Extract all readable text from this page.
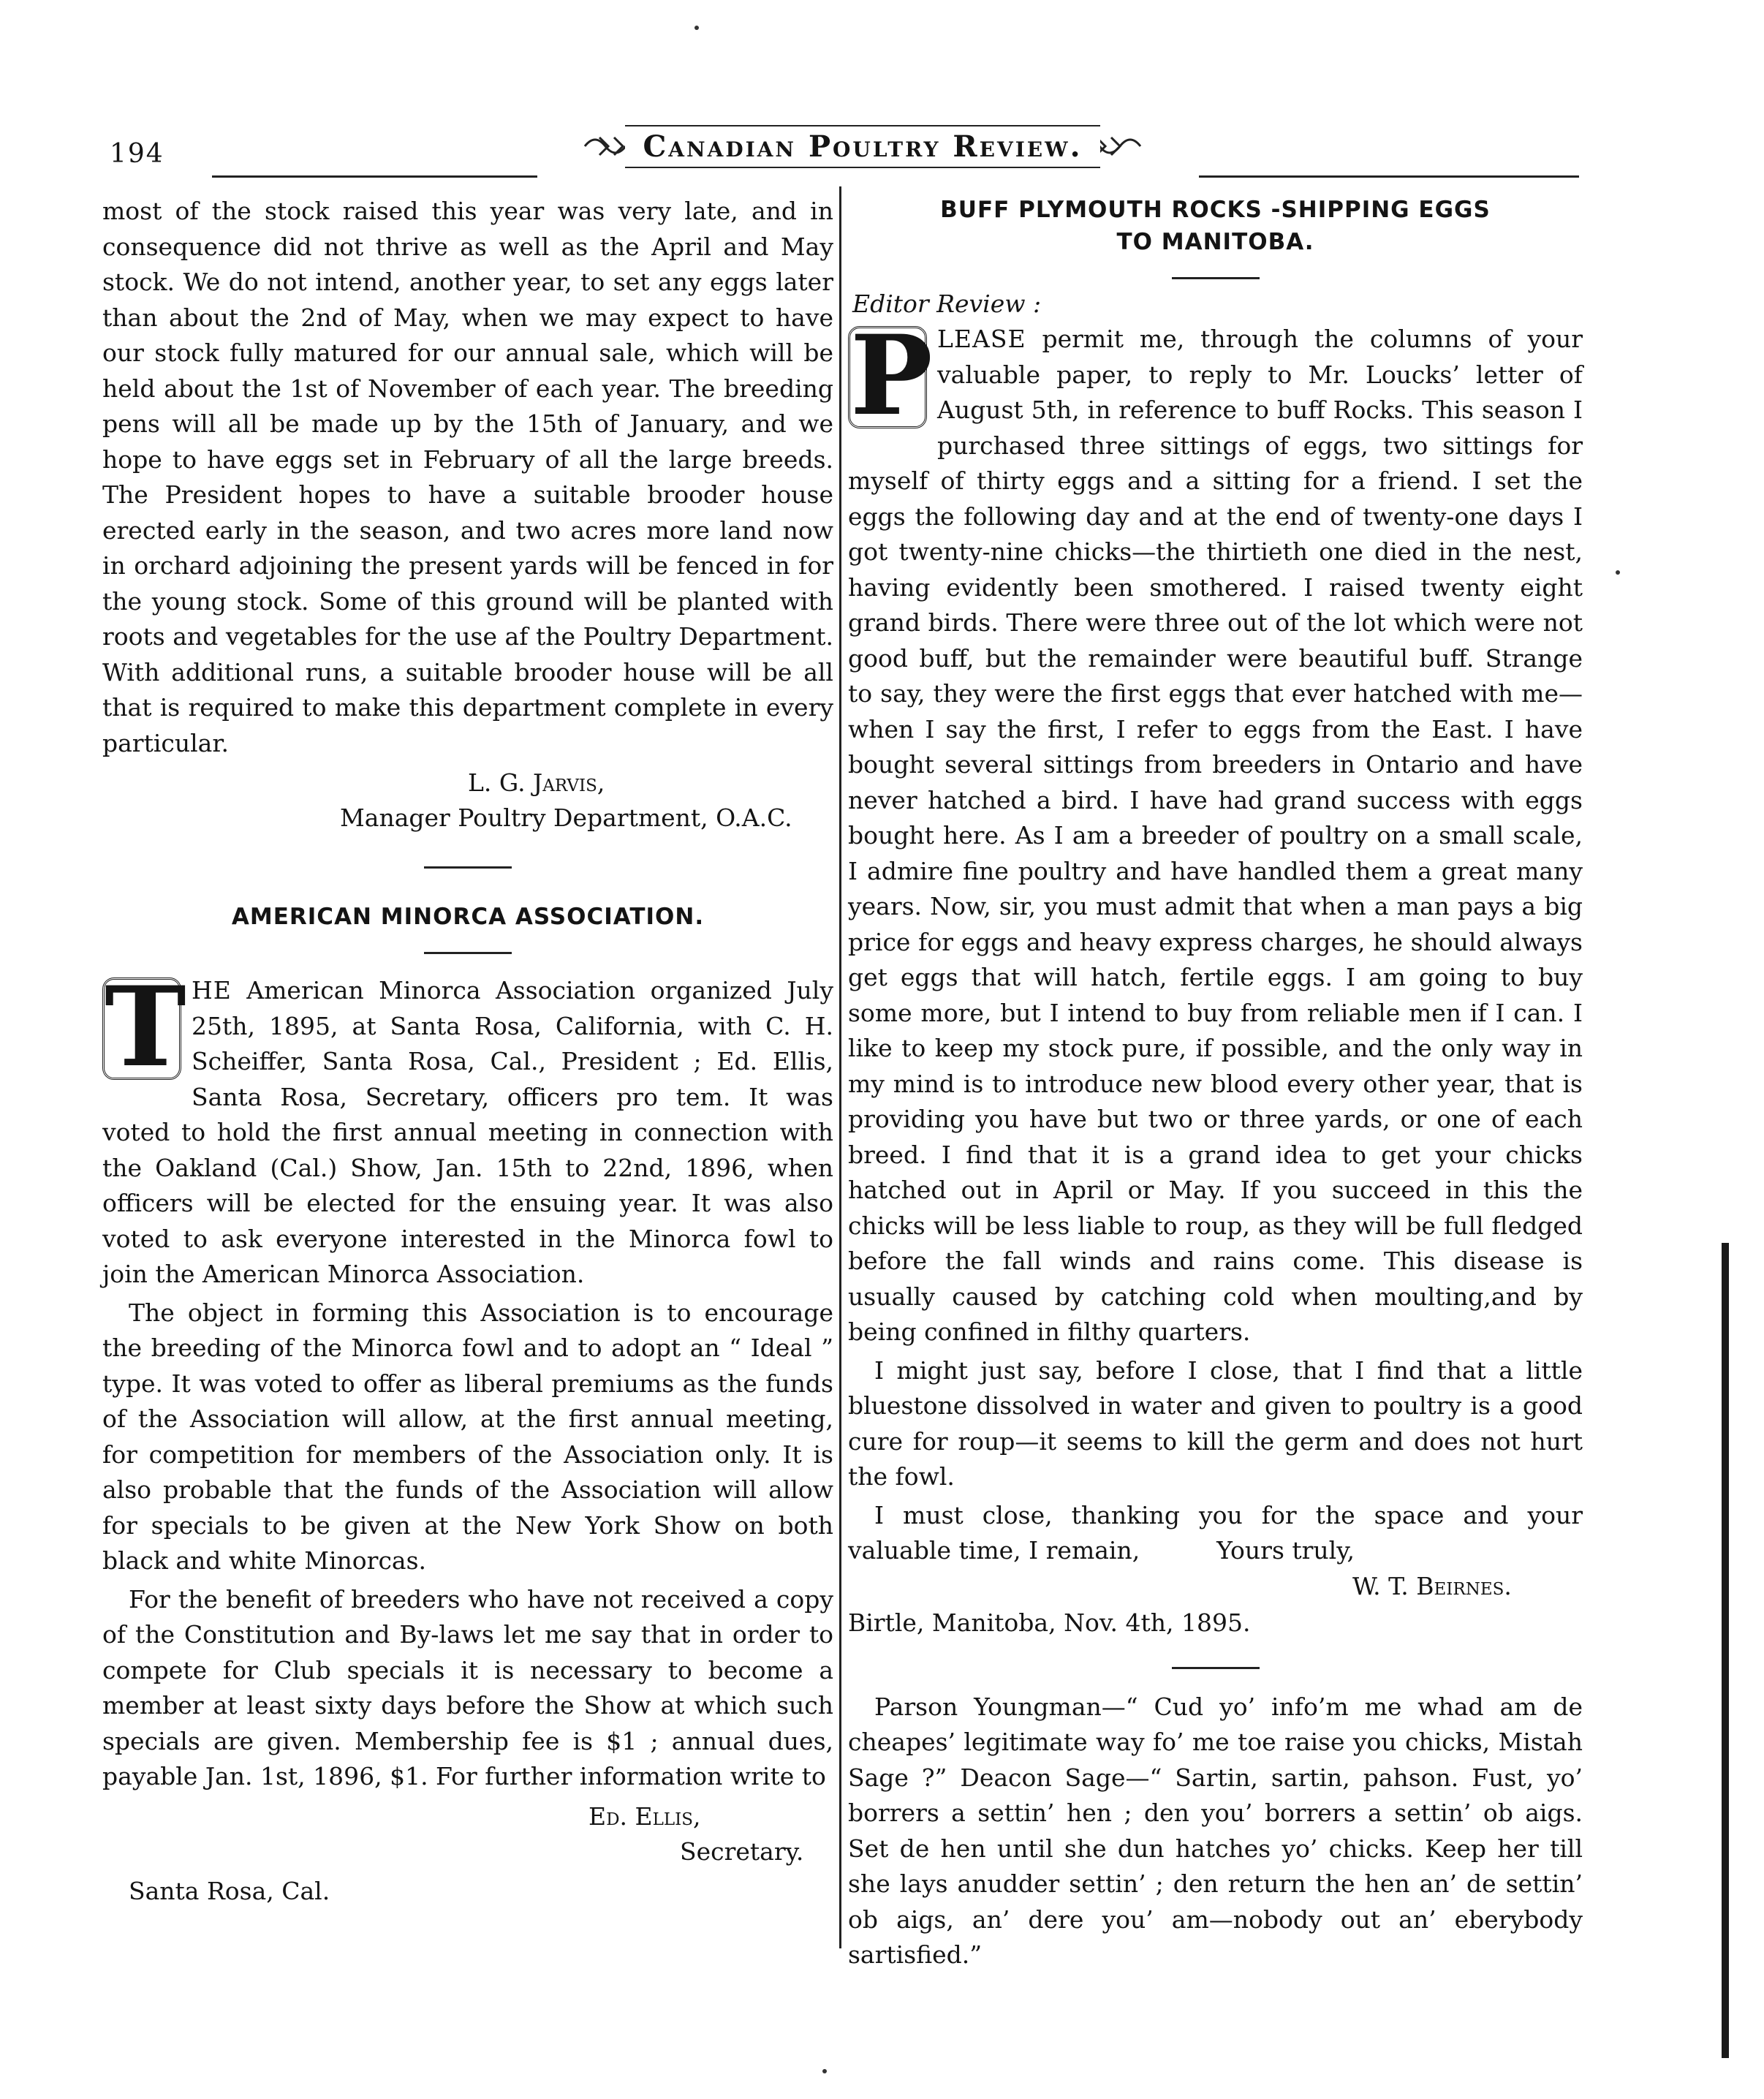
194	Canadian Poultry Review.

most of the stock raised this year was very late, and in consequence did not thrive as well as the April and May stock. We do not intend, another year, to set any eggs later than about the 2nd of May, when we may expect to have our stock fully matured for our annual sale, which will be held about the 1st of November of each year. The breeding pens will all be made up by the 15th of January, and we hope to have eggs set in February of all the large breeds. The President hopes to have a suitable brooder house erected early in the season, and two acres more land now in orchard adjoining the present yards will be fenced in for the young stock. Some of this ground will be planted with roots and vegetables for the use af the Poultry Department. With additional runs, a suitable brooder house will be all that is required to make this department complete in every particular.

L. G. Jarvis,
Manager Poultry Department, O.A.C.
AMERICAN MINORCA ASSOCIATION.

T HE American Minorca Association organized July 25th, 1895, at Santa Rosa, California, with C. H. Scheiffer, Santa Rosa, Cal., President ; Ed. Ellis, Santa Rosa, Secretary, officers pro tem. It was voted to hold the first annual meeting in connection with the Oakland (Cal.) Show, Jan. 15th to 22nd, 1896, when officers will be elected for the ensuing year. It was also voted to ask everyone interested in the Minorca fowl to join the American Minorca Association.

The object in forming this Association is to encourage the breeding of the Minorca fowl and to adopt an “ Ideal ” type. It was voted to offer as liberal premiums as the funds of the Association will allow, at the first annual meeting, for competition for members of the Association only. It is also probable that the funds of the Association will allow for specials to be given at the New York Show on both black and white Minorcas.

For the benefit of breeders who have not received a copy of the Constitution and By-laws let me say that in order to compete for Club specials it is necessary to become a member at least sixty days before the Show at which such specials are given. Membership fee is $1 ; annual dues, payable Jan. 1st, 1896, $1. For further information write to

Ed. Ellis,
Secretary.
Santa Rosa, Cal.
BUFF PLYMOUTH ROCKS -SHIPPING EGGS
TO MANITOBA.
Editor Review :

P LEASE permit me, through the columns of your valuable paper, to reply to Mr. Loucks’ letter of August 5th, in reference to buff Rocks. This season I purchased three sittings of eggs, two sittings for myself of thirty eggs and a sitting for a friend. I set the eggs the following day and at the end of twenty-one days I got twenty-nine chicks—the thirtieth one died in the nest, having evidently been smothered. I raised twenty eight grand birds. There were three out of the lot which were not good buff, but the remainder were beautiful buff. Strange to say, they were the first eggs that ever hatched with me—when I say the first, I refer to eggs from the East. I have bought several sittings from breeders in Ontario and have never hatched a bird. I have had grand success with eggs bought here. As I am a breeder of poultry on a small scale, I admire fine poultry and have handled them a great many years. Now, sir, you must admit that when a man pays a big price for eggs and heavy express charges, he should always get eggs that will hatch, fertile eggs. I am going to buy some more, but I intend to buy from reliable men if I can. I like to keep my stock pure, if possible, and the only way in my mind is to introduce new blood every other year, that is providing you have but two or three yards, or one of each breed. I find that it is a grand idea to get your chicks hatched out in April or May. If you succeed in this the chicks will be less liable to roup, as they will be full fledged before the fall winds and rains come. This disease is usually caused by catching cold when moulting,and by being confined in filthy quarters.

I might just say, before I close, that I find that a little bluestone dissolved in water and given to poultry is a good cure for roup—it seems to kill the germ and does not hurt the fowl.

I must close, thanking you for the space and your valuable time, I remain,	Yours truly,

W. T. Beirnes.
Birtle, Manitoba, Nov. 4th, 1895.

Parson Youngman—“ Cud yo’ info’m me whad am de cheapes’ legitimate way fo’ me toe raise you chicks, Mistah Sage ?” Deacon Sage—“ Sartin, sartin, pahson. Fust, yo’ borrers a settin’ hen ; den you’ borrers a settin’ ob aigs. Set de hen until she dun hatches yo’ chicks. Keep her till she lays anudder settin’ ; den return the hen an’ de settin’ ob aigs, an’ dere you’ am—nobody out an’ eberybody sartisfied.”
